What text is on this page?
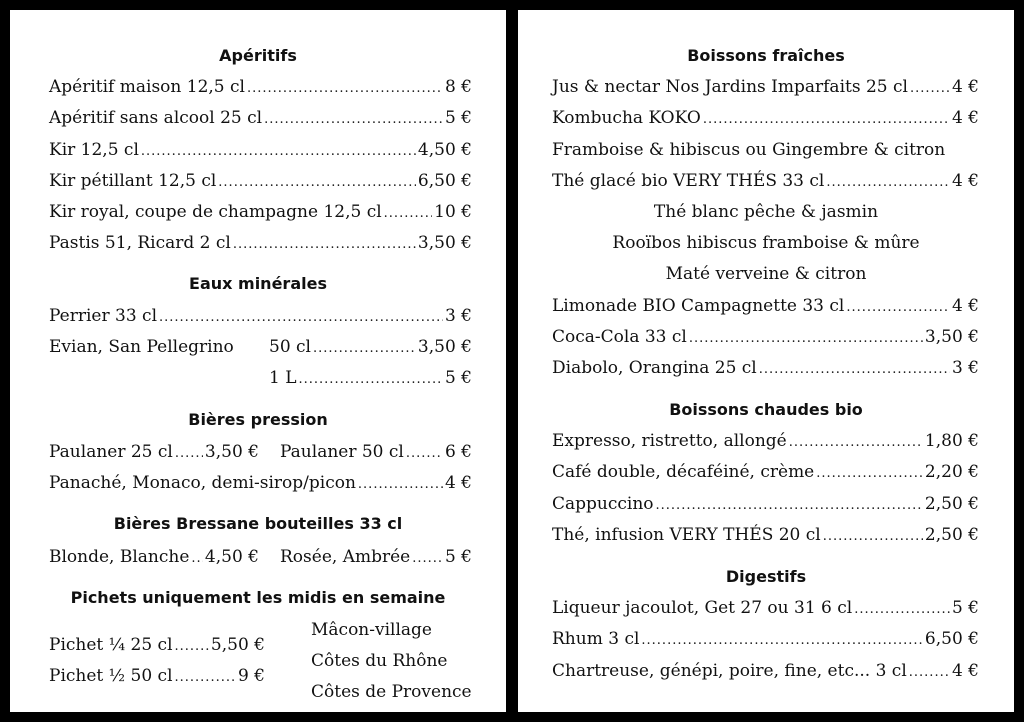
Apéritifs
Apéritif maison 12,5 cl .....	8 €
Apéritif sans alcool 25 cl .....	5 €
Kir 12,5 cl .....	4,50 €
Kir pétillant 12,5 cl .....	6,50 €
Kir royal, coupe de champagne 12,5 cl .....	10 €
Pastis 51, Ricard 2 cl .....	3,50 €
Eaux minérales
Perrier 33 cl .....	3 €
Evian, San Pellegrino 50 cl .....	3,50 €
1 L .....	5 €
Bières pression
Paulaner 25 cl ..... 3,50 € Paulaner 50 cl ..... 6 €
Panaché, Monaco, demi-sirop/picon .....	4 €
Bières Bressane bouteilles 33 cl
Blonde, Blanche ..... 4,50 € Rosée, Ambrée ..... 5 €
Pichets uniquement les midis en semaine
Pichet ¼ 25 cl ..... 5,50 €
Pichet ½ 50 cl .....	9 €
Mâcon-village
Côtes du Rhône
Côtes de Provence
Boissons fraîches
Jus & nectar Nos Jardins Imparfaits 25 cl .....	4 €
Kombucha KOKO .....	4 €
Framboise & hibiscus ou Gingembre & citron
Thé glacé bio VERY THÉS 33 cl .....	4 €
Thé blanc pêche & jasmin
Rooïbos hibiscus framboise & mûre
Maté verveine & citron
Limonade BIO Campagnette 33 cl .....	4 €
Coca-Cola 33 cl .....	3,50 €
Diabolo, Orangina 25 cl .....	3 €
Boissons chaudes bio
Expresso, ristretto, allongé .....	1,80 €
Café double, décaféiné, crème .....	2,20 €
Cappuccino .....	2,50 €
Thé, infusion VERY THÉS 20 cl .....	2,50 €
Digestifs
Liqueur jacoulot, Get 27 ou 31 6 cl .....	5 €
Rhum 3 cl .....	6,50 €
Chartreuse, génépi, poire, fine, etc... 3 cl .....	4 €
